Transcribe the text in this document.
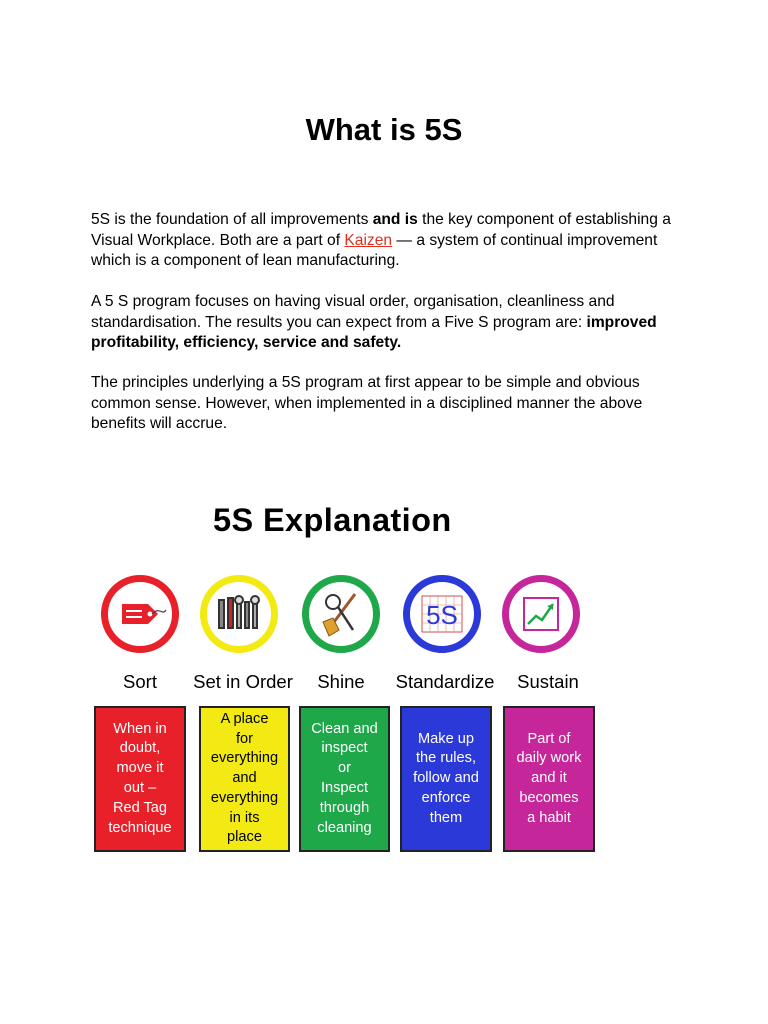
What is 5S
5S is the foundation of all improvements and is the key component of establishing a Visual Workplace. Both are a part of Kaizen — a system of continual improvement which is a component of lean manufacturing.
A 5 S program focuses on having visual order, organisation, cleanliness and standardisation. The results you can expect from a Five S program are: improved profitability, efficiency, service and safety.
The principles underlying a 5S program at first appear to be simple and obvious common sense. However, when implemented in a disciplined manner the above benefits will accrue.
5S Explanation
5S
Sort	Set in Order	Shine	Standardize	Sustain
When in
doubt,
move it
out –
Red Tag
technique
A place
for
everything
and
everything
in its
place
Clean and
inspect
or
Inspect
through
cleaning
Make up
the rules,
follow and
enforce
them
Part of
daily work
and it
becomes
a habit
